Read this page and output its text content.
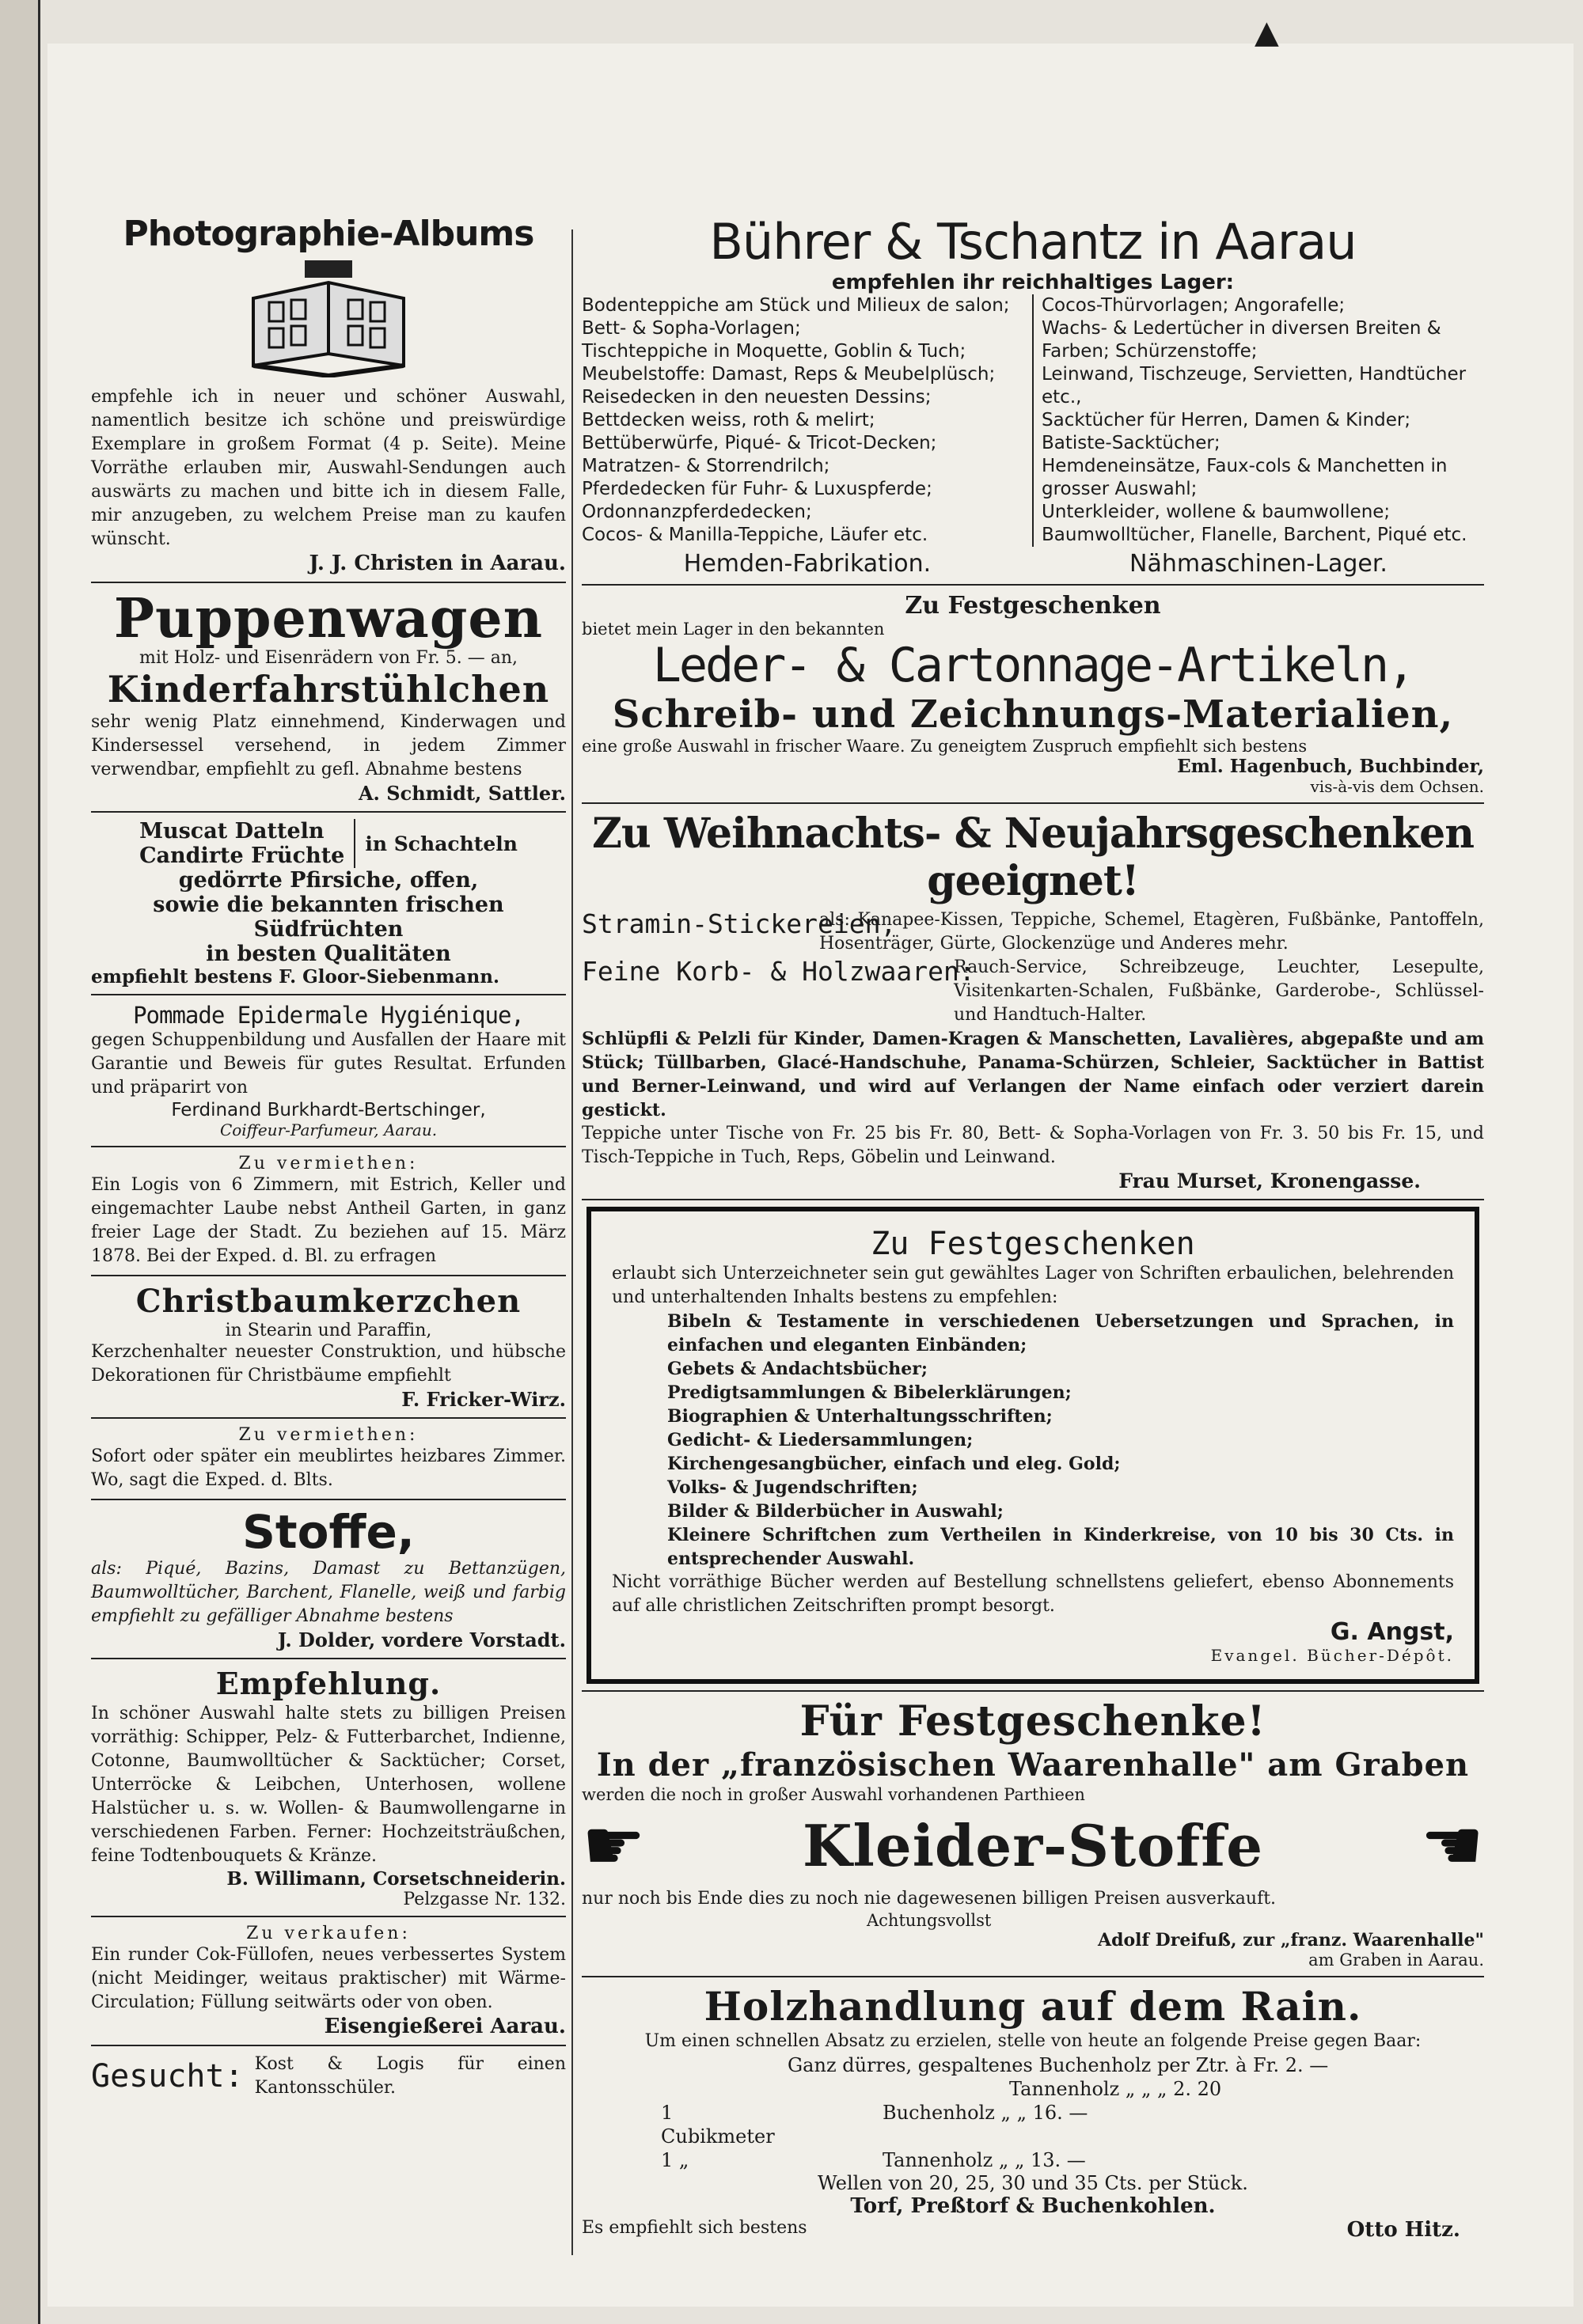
▲
Photographie-Albums
empfehle ich in neuer und schöner Auswahl, namentlich besitze ich schöne und preiswürdige Exemplare in großem Format (4 p. Seite). Meine Vorräthe erlauben mir, Auswahl-Sendungen auch auswärts zu machen und bitte ich in diesem Falle, mir anzugeben, zu welchem Preise man zu kaufen wünscht.
J. J. Christen in Aarau.
Puppenwagen
mit Holz- und Eisenrädern von Fr. 5. — an,
Kinderfahrstühlchen
sehr wenig Platz einnehmend, Kinderwagen und Kindersessel versehend, in jedem Zimmer verwendbar, empfiehlt zu gefl. Abnahme bestens
A. Schmidt, Sattler.
Muscat Datteln
Candirte Früchte	in Schachteln
gedörrte Pfirsiche, offen,
sowie die bekannten frischen Südfrüchten
in besten Qualitäten
empfiehlt bestens F. Gloor-Siebenmann.
Pommade Epidermale Hygiénique,
gegen Schuppenbildung und Ausfallen der Haare mit Garantie und Beweis für gutes Resultat. Erfunden und präparirt von
Ferdinand Burkhardt-Bertschinger,
Coiffeur-Parfumeur, Aarau.
Zu vermiethen:
Ein Logis von 6 Zimmern, mit Estrich, Keller und eingemachter Laube nebst Antheil Garten, in ganz freier Lage der Stadt. Zu beziehen auf 15. März 1878. Bei der Exped. d. Bl. zu erfragen
Christbaumkerzchen
in Stearin und Paraffin,
Kerzchenhalter neuester Construktion, und hübsche Dekorationen für Christbäume empfiehlt
F. Fricker-Wirz.
Zu vermiethen:
Sofort oder später ein meublirtes heizbares Zimmer. Wo, sagt die Exped. d. Blts.
Stoffe,
als: Piqué, Bazins, Damast zu Bettanzügen, Baumwolltücher, Barchent, Flanelle, weiß und farbig empfiehlt zu gefälliger Abnahme bestens
J. Dolder, vordere Vorstadt.
Empfehlung.
In schöner Auswahl halte stets zu billigen Preisen vorräthig: Schipper, Pelz- & Futterbarchet, Indienne, Cotonne, Baumwolltücher & Sacktücher; Corset, Unterröcke & Leibchen, Unterhosen, wollene Halstücher u. s. w. Wollen- & Baumwollengarne in verschiedenen Farben. Ferner: Hochzeitsträußchen, feine Todtenbouquets & Kränze.
B. Willimann, Corsetschneiderin.
Pelzgasse Nr. 132.
Zu verkaufen:
Ein runder Cok-Füllofen, neues verbessertes System (nicht Meidinger, weitaus praktischer) mit Wärme-Circulation; Füllung seitwärts oder von oben.
Eisengießerei Aarau.
Gesucht: Kost & Logis für einen Kantonsschüler.
Bührer & Tschantz in Aarau
empfehlen ihr reichhaltiges Lager:
Bodenteppiche am Stück und Milieux de salon;
Bett- & Sopha-Vorlagen;
Tischteppiche in Moquette, Goblin & Tuch;
Meubelstoffe: Damast, Reps & Meubelplüsch;
Reisedecken in den neuesten Dessins;
Bettdecken weiss, roth & melirt;
Bettüberwürfe, Piqué- & Tricot-Decken;
Matratzen- & Storrendrilch;
Pferdedecken für Fuhr- & Luxuspferde;
Ordonnanzpferdedecken;
Cocos- & Manilla-Teppiche, Läufer etc.
Cocos-Thürvorlagen; Angorafelle;
Wachs- & Ledertücher in diversen Breiten & Farben; Schürzenstoffe;
Leinwand, Tischzeuge, Servietten, Handtücher etc.,
Sacktücher für Herren, Damen & Kinder;
Batiste-Sacktücher;
Hemdeneinsätze, Faux-cols & Manchetten in grosser Auswahl;
Unterkleider, wollene & baumwollene;
Baumwolltücher, Flanelle, Barchent, Piqué etc.
Hemden-Fabrikation.	Nähmaschinen-Lager.
Zu Festgeschenken
bietet mein Lager in den bekannten
Leder- & Cartonnage-Artikeln,
Schreib- und Zeichnungs-Materialien,
eine große Auswahl in frischer Waare. Zu geneigtem Zuspruch empfiehlt sich bestens
Eml. Hagenbuch, Buchbinder,
vis-à-vis dem Ochsen.
Zu Weihnachts- & Neujahrsgeschenken geeignet!
Stramin-Stickereien,
als: Kanapee-Kissen, Teppiche, Schemel, Etagèren, Fußbänke, Pantoffeln, Hosenträger, Gürte, Glockenzüge und Anderes mehr.
Feine Korb- & Holzwaaren:
Rauch-Service, Schreibzeuge, Leuchter, Lesepulte, Visitenkarten-Schalen, Fußbänke, Garderobe-, Schlüssel- und Handtuch-Halter.
Schlüpfli & Pelzli für Kinder, Damen-Kragen & Manschetten, Lavalières, abgepaßte und am Stück; Tüllbarben, Glacé-Handschuhe, Panama-Schürzen, Schleier, Sacktücher in Battist und Berner-Leinwand, und wird auf Verlangen der Name einfach oder verziert darein gestickt.
Teppiche unter Tische von Fr. 25 bis Fr. 80, Bett- & Sopha-Vorlagen von Fr. 3. 50 bis Fr. 15, und Tisch-Teppiche in Tuch, Reps, Göbelin und Leinwand.
Frau Murset, Kronengasse.
Zu Festgeschenken
erlaubt sich Unterzeichneter sein gut gewähltes Lager von Schriften erbaulichen, belehrenden und unterhaltenden Inhalts bestens zu empfehlen:
Bibeln & Testamente in verschiedenen Uebersetzungen und Sprachen, in einfachen und eleganten Einbänden;
Gebets & Andachtsbücher;
Predigtsammlungen & Bibelerklärungen;
Biographien & Unterhaltungsschriften;
Gedicht- & Liedersammlungen;
Kirchengesangbücher, einfach und eleg. Gold;
Volks- & Jugendschriften;
Bilder & Bilderbücher in Auswahl;
Kleinere Schriftchen zum Vertheilen in Kinderkreise, von 10 bis 30 Cts. in entsprechender Auswahl.
Nicht vorräthige Bücher werden auf Bestellung schnellstens geliefert, ebenso Abonnements auf alle christlichen Zeitschriften prompt besorgt.
G. Angst,
Evangel. Bücher-Dépôt.
Für Festgeschenke!
In der „französischen Waarenhalle" am Graben
werden die noch in großer Auswahl vorhandenen Parthieen
☛	Kleider-Stoffe ☚
nur noch bis Ende dies zu noch nie dagewesenen billigen Preisen ausverkauft.
Achtungsvollst
Adolf Dreifuß, zur „franz. Waarenhalle"
am Graben in Aarau.
Holzhandlung auf dem Rain.
Um einen schnellen Absatz zu erzielen, stelle von heute an folgende Preise gegen Baar:
Ganz dürres, gespaltenes Buchenholz per Ztr. à Fr. 2. —
Tannenholz „ „ „ 2. 20
1 Cubikmeter
Buchenholz „ „ 16. —
1 „	Tannenholz „ „ 13. —
Wellen von 20, 25, 30 und 35 Cts. per Stück.
Torf, Preßtorf & Buchenkohlen.
Es empfiehlt sich bestens	Otto Hitz.
